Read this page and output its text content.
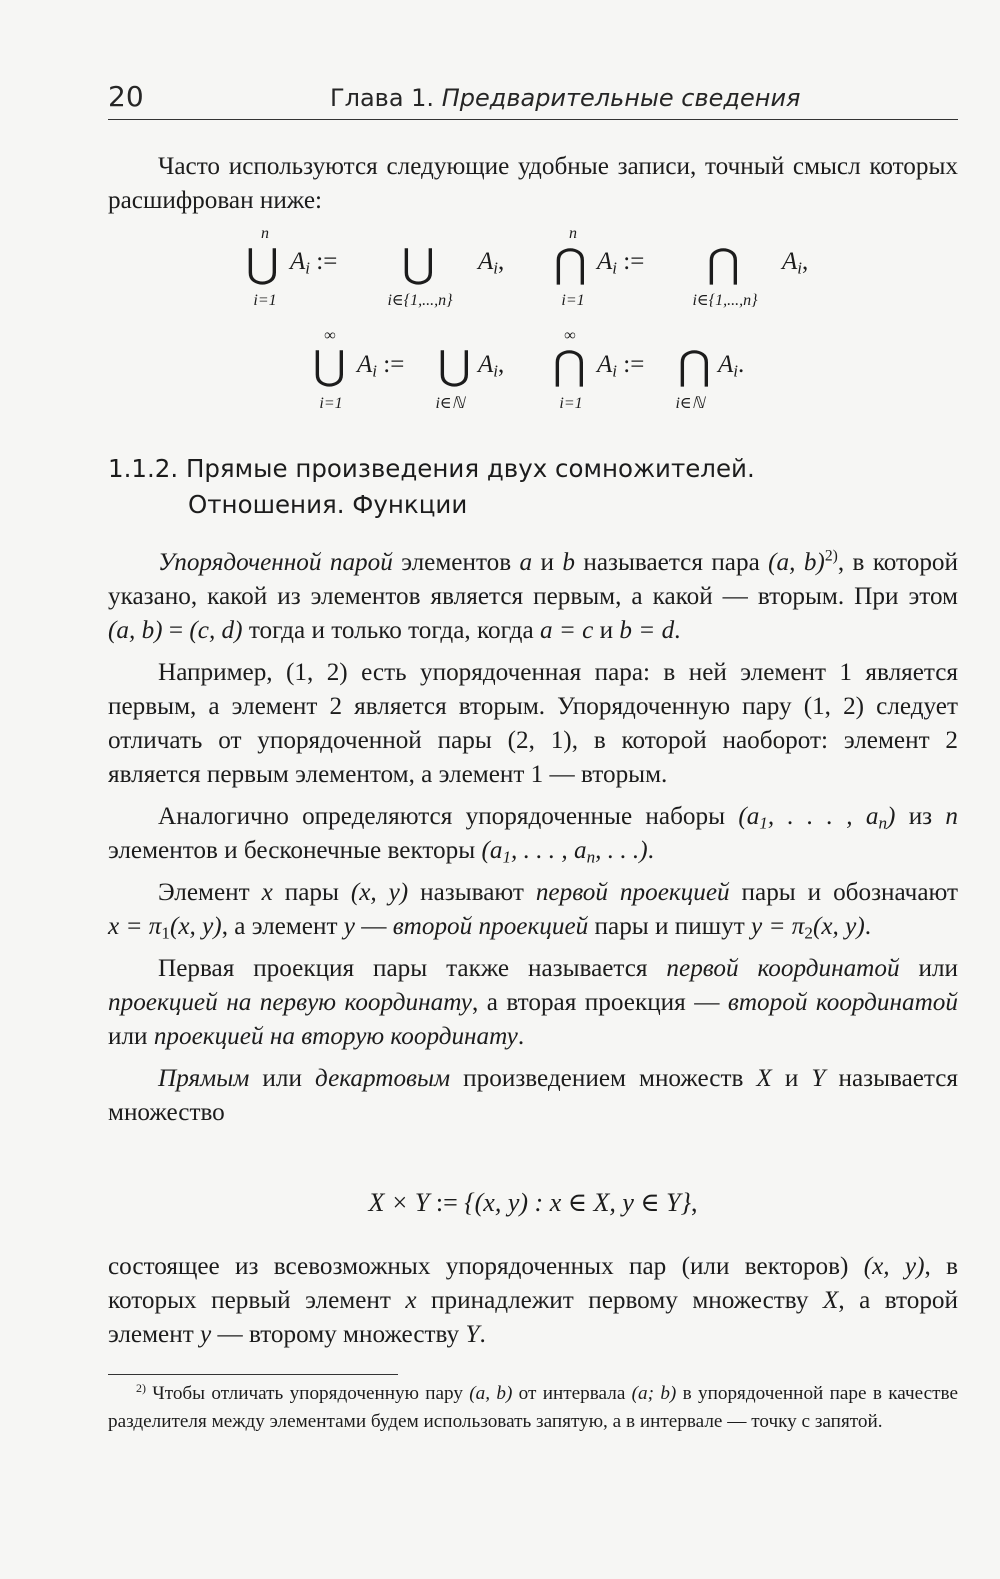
20	Глава 1. Предварительные сведения

Часто используются следующие удобные записи, точный смысл которых расшифрован ниже:

n
⋃
i=1
$A_i$ := ⋃
i∈{1,...,n}
$A_i$,
n
⋂
i=1
$A_i$ := ⋂
i∈{1,...,n}
$A_i$,
∞
⋃
i=1
$A_i$ := ⋃
i∈ℕ
$A_i$,
∞
⋂
i=1
$A_i$ := ⋂
i∈ℕ
$A_i$.
1.1.2. Прямые произведения двух сомножителей.
Отношения. Функции

Упорядоченной парой элементов a и b называется пара (a, b)$^{2)}$, в которой указано, какой из элементов является первым, а какой — вторым. При этом (a, b) = (c, d) тогда и только тогда, когда a = c и b = d.

Например, (1, 2) есть упорядоченная пара: в ней элемент 1 является первым, а элемент 2 является вторым. Упорядоченную пару (1, 2) следует отличать от упорядоченной пары (2, 1), в которой наоборот: элемент 2 является первым элементом, а элемент 1 — вторым.

Аналогично определяются упорядоченные наборы ($a_1$, . . . , $a_n$) из n элементов и бесконечные векторы ($a_1$, . . . , $a_n$, . . .).

Элемент x пары (x, y) называют первой проекцией пары и обозначают $x = \pi_1(x$, y), а элемент y — второй проекцией пары и пишут $y = \pi_2(x$, y).

Первая проекция пары также называется первой координатой или проекцией на первую координату, а вторая проекция — второй координатой или проекцией на вторую координату.

Прямым или декартовым произведением множеств X и Y называется множество

X × Y := {(x, y) : x ∈ X, y ∈ Y},

состоящее из всевозможных упорядоченных пар (или векторов) (x, y), в которых первый элемент x принадлежит первому множеству X, а второй элемент y — второму множеству Y.

$^{2)}$ Чтобы отличать упорядоченную пару (a, b) от интервала (a; b) в упорядоченной паре в качестве разделителя между элементами будем использовать запятую, а в интервале — точку с запятой.
